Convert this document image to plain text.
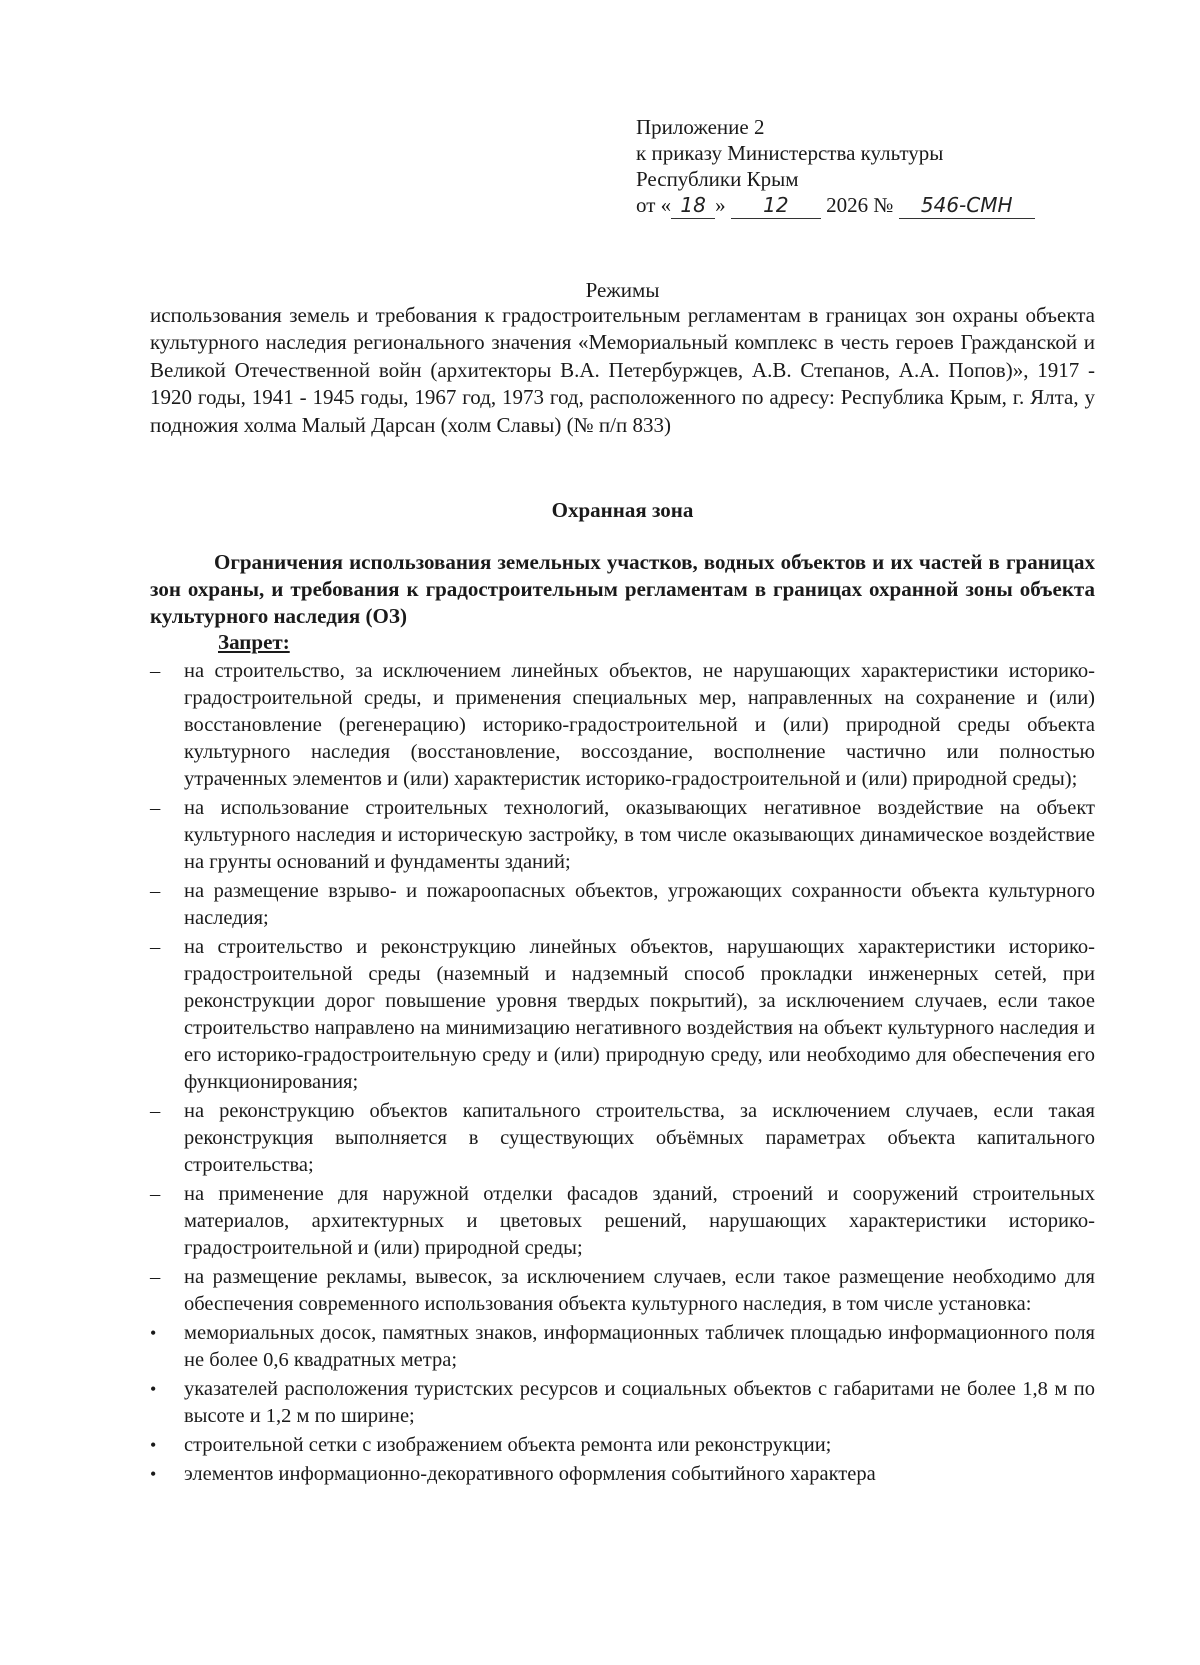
Приложение 2
к приказу Министерства культуры
Республики Крым
от « 18 » 12 2026 № 546-СМН
Режимы
использования земель и требования к градостроительным регламентам в границах зон охраны объекта культурного наследия регионального значения «Мемориальный комплекс в честь героев Гражданской и Великой Отечественной войн (архитекторы В.А. Петербуржцев, А.В. Степанов, А.А. Попов)», 1917 - 1920 годы, 1941 - 1945 годы, 1967 год, 1973 год, расположенного по адресу: Республика Крым, г. Ялта, у подножия холма Малый Дарсан (холм Славы) (№ п/п 833)
Охранная зона
Ограничения использования земельных участков, водных объектов и их частей в границах зон охраны, и требования к градостроительным регламентам в границах охранной зоны объекта культурного наследия (ОЗ)
Запрет:
–	на строительство, за исключением линейных объектов, не нарушающих характеристики историко-градостроительной среды, и применения специальных мер, направленных на сохранение и (или) восстановление (регенерацию) историко-градостроительной и (или) природной среды объекта культурного наследия (восстановление, воссоздание, восполнение частично или полностью утраченных элементов и (или) характеристик историко-градостроительной и (или) природной среды);
–	на использование строительных технологий, оказывающих негативное воздействие на объект культурного наследия и историческую застройку, в том числе оказывающих динамическое воздействие на грунты оснований и фундаменты зданий;
–	на размещение взрыво- и пожароопасных объектов, угрожающих сохранности объекта культурного наследия;
–	на строительство и реконструкцию линейных объектов, нарушающих характеристики историко-градостроительной среды (наземный и надземный способ прокладки инженерных сетей, при реконструкции дорог повышение уровня твердых покрытий), за исключением случаев, если такое строительство направлено на минимизацию негативного воздействия на объект культурного наследия и его историко-градостроительную среду и (или) природную среду, или необходимо для обеспечения его функционирования;
–	на реконструкцию объектов капитального строительства, за исключением случаев, если такая реконструкция выполняется в существующих объёмных параметрах объекта капитального строительства;
–	на применение для наружной отделки фасадов зданий, строений и сооружений строительных материалов, архитектурных и цветовых решений, нарушающих характеристики историко-градостроительной и (или) природной среды;
–	на размещение рекламы, вывесок, за исключением случаев, если такое размещение необходимо для обеспечения современного использования объекта культурного наследия, в том числе установка:
•	мемориальных досок, памятных знаков, информационных табличек площадью информационного поля не более 0,6 квадратных метра;
•	указателей расположения туристских ресурсов и социальных объектов с габаритами не более 1,8 м по высоте и 1,2 м по ширине;
•	строительной сетки с изображением объекта ремонта или реконструкции;
•	элементов информационно-декоративного оформления событийного характера
